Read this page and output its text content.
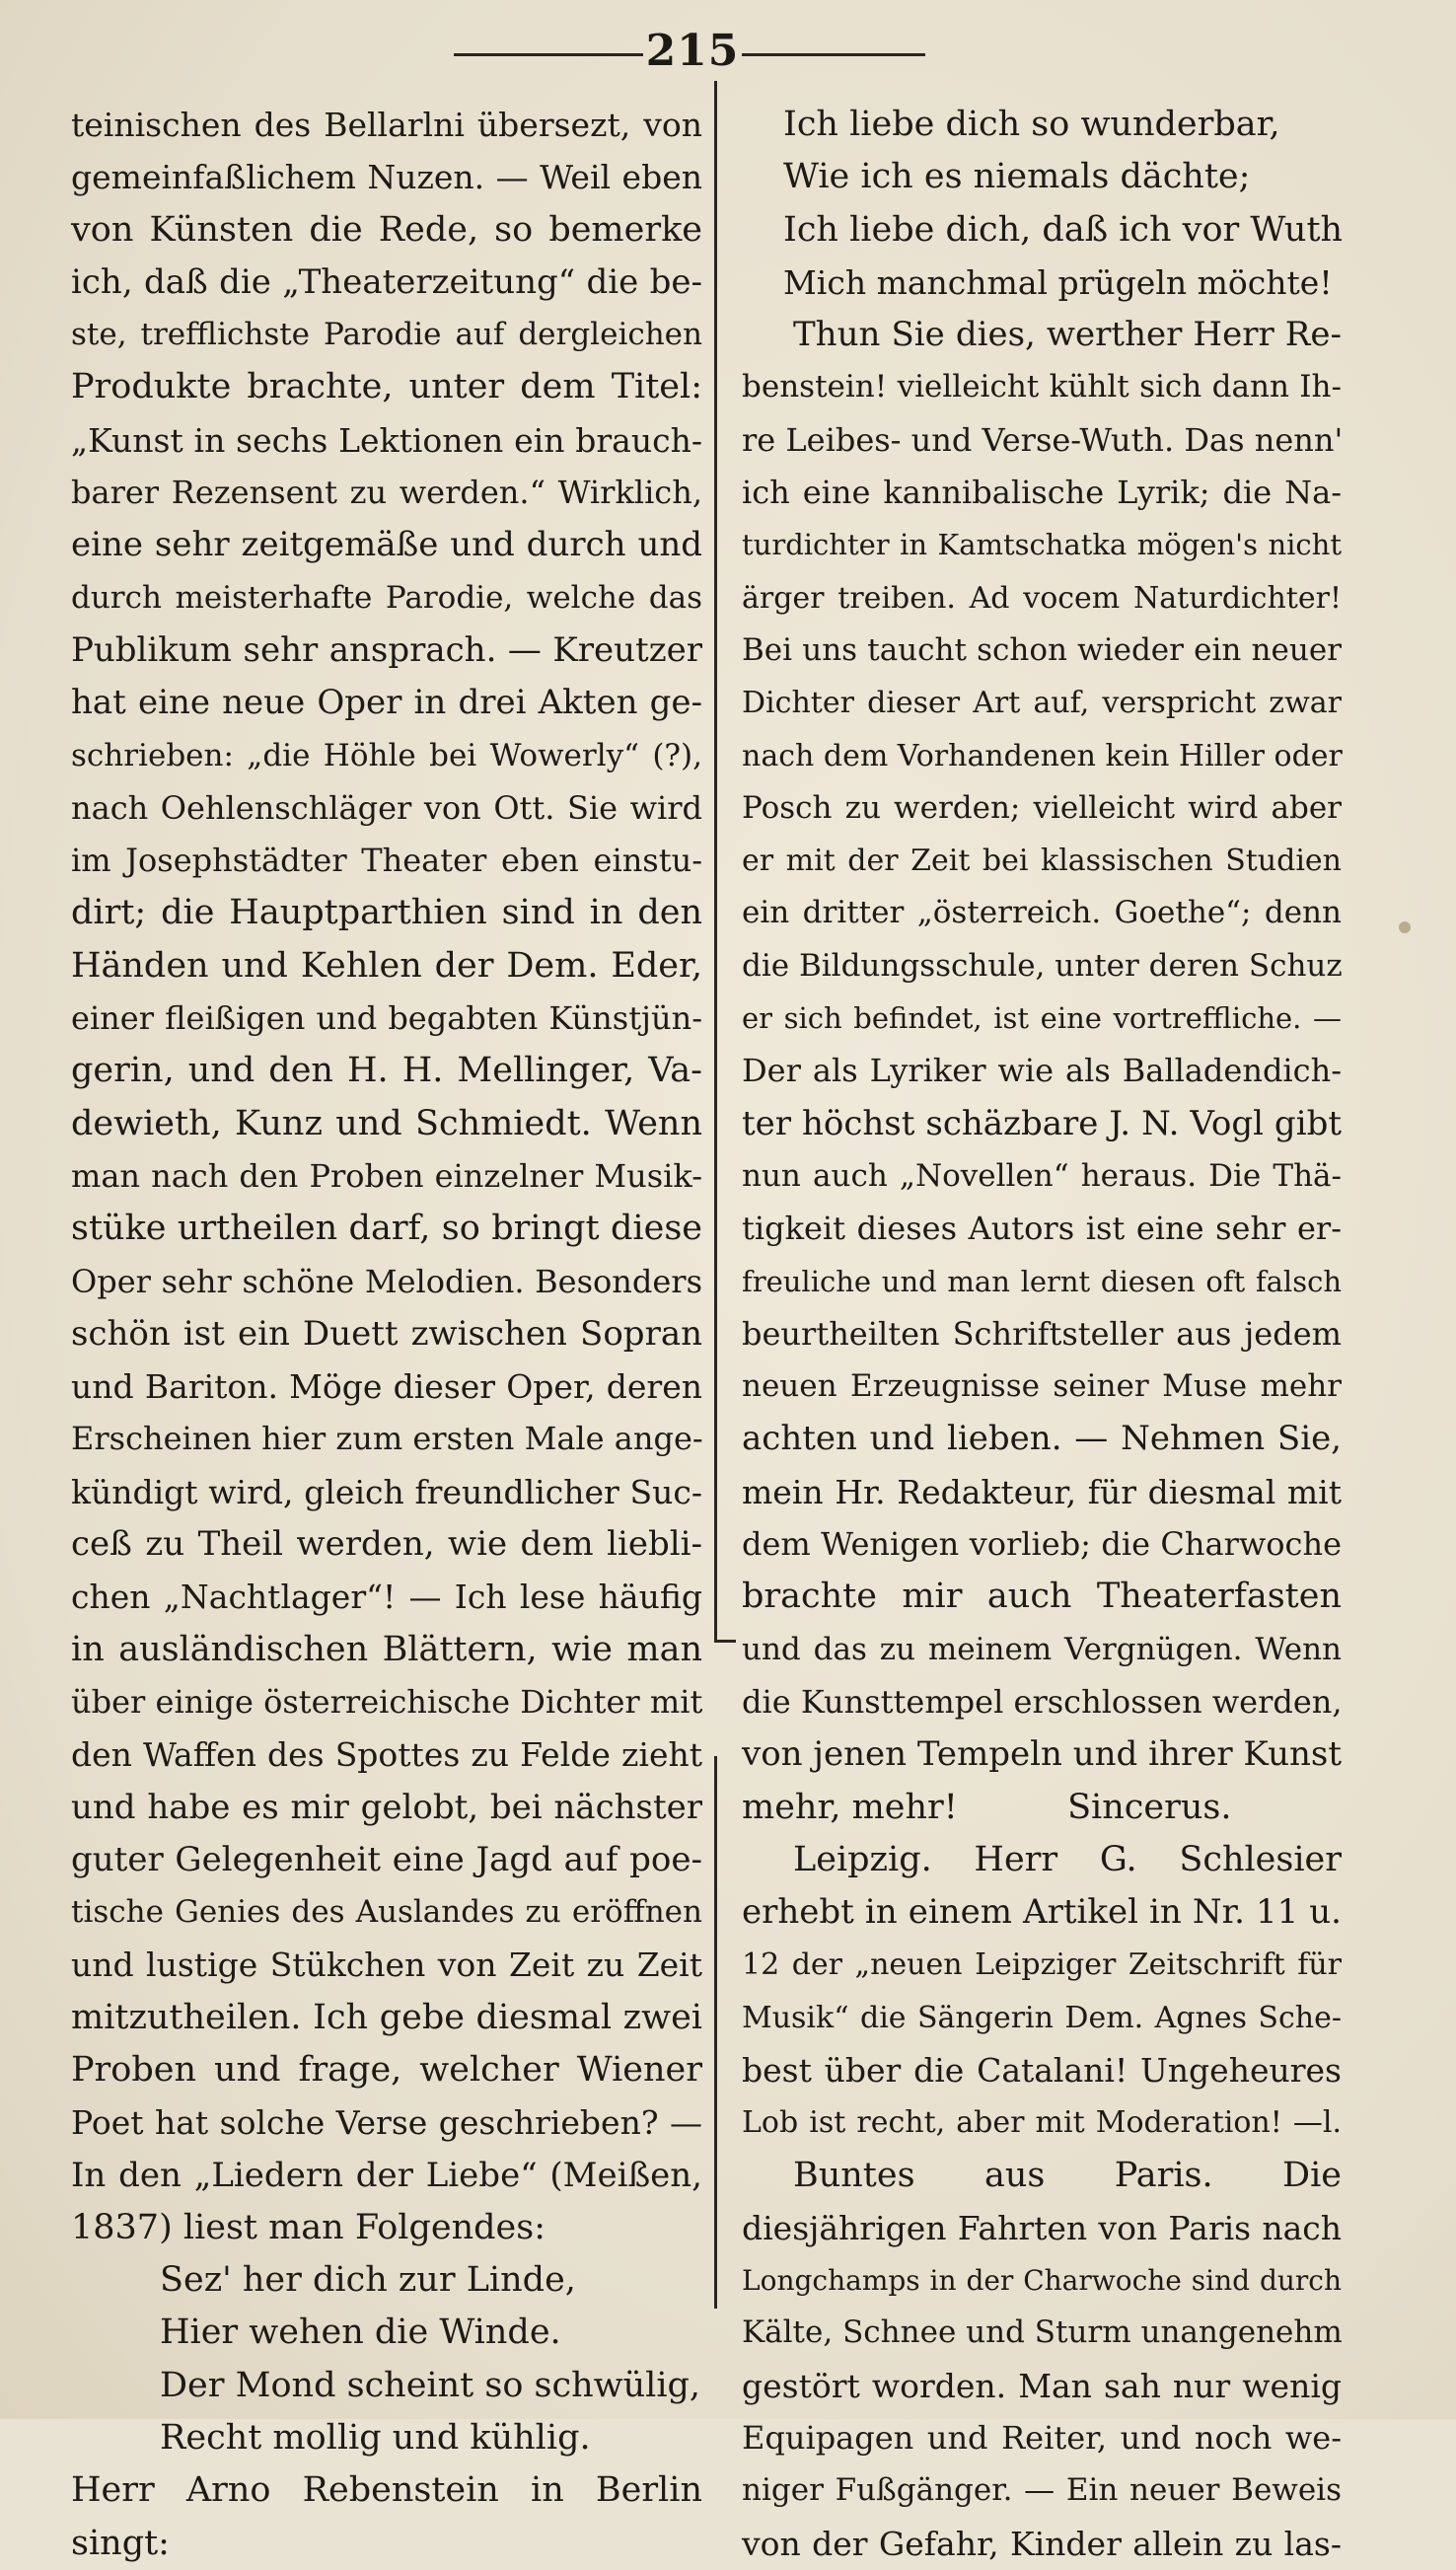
215
teinischen des Bellarlni übersezt, von
gemeinfaßlichem Nuzen. — Weil eben
von Künsten die Rede, so bemerke
ich, daß die „Theaterzeitung“ die be-
ste, trefflichste Parodie auf dergleichen
Produkte brachte, unter dem Titel:
„Kunst in sechs Lektionen ein brauch-
barer Rezensent zu werden.“ Wirklich,
eine sehr zeitgemäße und durch und
durch meisterhafte Parodie, welche das
Publikum sehr ansprach. — Kreutzer
hat eine neue Oper in drei Akten ge-
schrieben: „die Höhle bei Wowerly“ (?),
nach Oehlenschläger von Ott. Sie wird
im Josephstädter Theater eben einstu-
dirt; die Hauptparthien sind in den
Händen und Kehlen der Dem. Eder,
einer fleißigen und begabten Künstjün-
gerin, und den H. H. Mellinger, Va-
dewieth, Kunz und Schmiedt. Wenn
man nach den Proben einzelner Musik-
stüke urtheilen darf, so bringt diese
Oper sehr schöne Melodien. Besonders
schön ist ein Duett zwischen Sopran
und Bariton. Möge dieser Oper, deren
Erscheinen hier zum ersten Male ange-
kündigt wird, gleich freundlicher Suc-
ceß zu Theil werden, wie dem liebli-
chen „Nachtlager“! — Ich lese häufig
in ausländischen Blättern, wie man
über einige österreichische Dichter mit
den Waffen des Spottes zu Felde zieht
und habe es mir gelobt, bei nächster
guter Gelegenheit eine Jagd auf poe-
tische Genies des Auslandes zu eröffnen
und lustige Stükchen von Zeit zu Zeit
mitzutheilen. Ich gebe diesmal zwei
Proben und frage, welcher Wiener
Poet hat solche Verse geschrieben? —
In den „Liedern der Liebe“ (Meißen,
1837) liest man Folgendes:
Sez' her dich zur Linde,
Hier wehen die Winde.
Der Mond scheint so schwülig,
Recht mollig und kühlig.
Herr Arno Rebenstein in Berlin
singt:
Ich liebe dich so wunderbar,
Wie ich es niemals dächte;
Ich liebe dich, daß ich vor Wuth
Mich manchmal prügeln möchte!
Thun Sie dies, werther Herr Re-
benstein! vielleicht kühlt sich dann Ih-
re Leibes- und Verse-Wuth. Das nenn'
ich eine kannibalische Lyrik; die Na-
turdichter in Kamtschatka mögen's nicht
ärger treiben. Ad vocem Naturdichter!
Bei uns taucht schon wieder ein neuer
Dichter dieser Art auf, verspricht zwar
nach dem Vorhandenen kein Hiller oder
Posch zu werden; vielleicht wird aber
er mit der Zeit bei klassischen Studien
ein dritter „österreich. Goethe“; denn
die Bildungsschule, unter deren Schuz
er sich befindet, ist eine vortreffliche. —
Der als Lyriker wie als Balladendich-
ter höchst schäzbare J. N. Vogl gibt
nun auch „Novellen“ heraus. Die Thä-
tigkeit dieses Autors ist eine sehr er-
freuliche und man lernt diesen oft falsch
beurtheilten Schriftsteller aus jedem
neuen Erzeugnisse seiner Muse mehr
achten und lieben. — Nehmen Sie,
mein Hr. Redakteur, für diesmal mit
dem Wenigen vorlieb; die Charwoche
brachte mir auch Theaterfasten
und das zu meinem Vergnügen. Wenn
die Kunsttempel erschlossen werden,
von jenen Tempeln und ihrer Kunst
mehr, mehr!          Sincerus.
Leipzig. Herr G. Schlesier
erhebt in einem Artikel in Nr. 11 u.
12 der „neuen Leipziger Zeitschrift für
Musik“ die Sängerin Dem. Agnes Sche-
best über die Catalani! Ungeheures
Lob ist recht, aber mit Moderation! —l.
Buntes aus Paris. Die
diesjährigen Fahrten von Paris nach
Longchamps in der Charwoche sind durch
Kälte, Schnee und Sturm unangenehm
gestört worden. Man sah nur wenig
Equipagen und Reiter, und noch we-
niger Fußgänger. — Ein neuer Beweis
von der Gefahr, Kinder allein zu las-
